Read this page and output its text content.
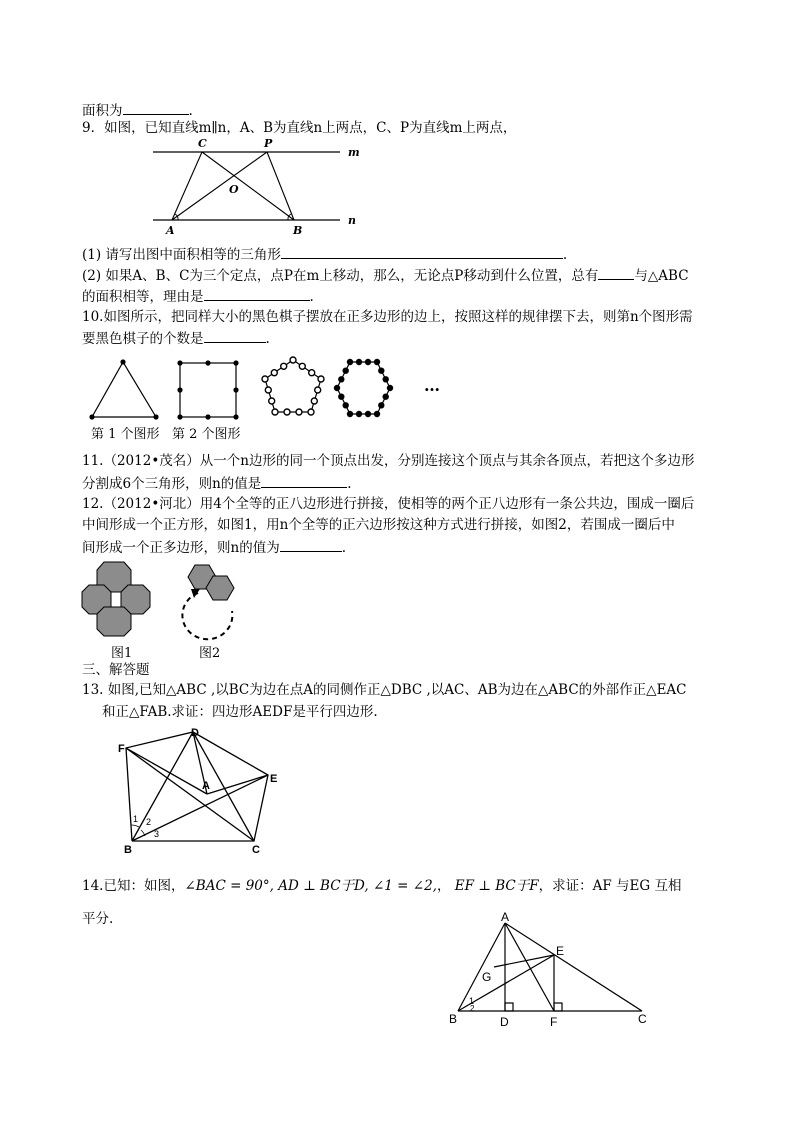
面积为	.
9．如图，已知直线m∥n，A、B为直线n上两点，C、P为直线m上两点，
C	P
O
A	B
m
n
(1) 请写出图中面积相等的三角形	.
(2) 如果A、B、C为三个定点，点P在m上移动，那么，无论点P移动到什么位置，总有	与△ABC
的面积相等，理由是	.
10.如图所示，把同样大小的黑色棋子摆放在正多边形的边上，按照这样的规律摆下去，则第n个图形需
要黑色棋子的个数是	.
…
第 1 个图形 第 2 个图形
11.（2012•茂名）从一个n边形的同一个顶点出发，分别连接这个顶点与其余各顶点，若把这个多边形
分割成6个三角形，则n的值是	.
12.（2012•河北）用4个全等的正八边形进行拼接，使相等的两个正八边形有一条公共边，围成一圈后
中间形成一个正方形，如图1，用n个全等的正六边形按这种方式进行拼接，如图2，若围成一圈后中
间形成一个正多边形，则n的值为	.
图1	图2
三、解答题
13. 如图,已知△ABC ,以BC为边在点A的同侧作正△DBC ,以AC、AB为边在△ABC的外部作正△EAC
和正△FAB.求证：四边形AEDF是平行四边形.
F
D
A
E
B	C
1 2
3
14.已知：如图，∠BAC = 90°, AD ⊥ BC于D, ∠1 = ∠2,， EF ⊥ BC于F，求证：AF 与EG 互相
平分.	A
E
G
B	D	F	C
1
2
